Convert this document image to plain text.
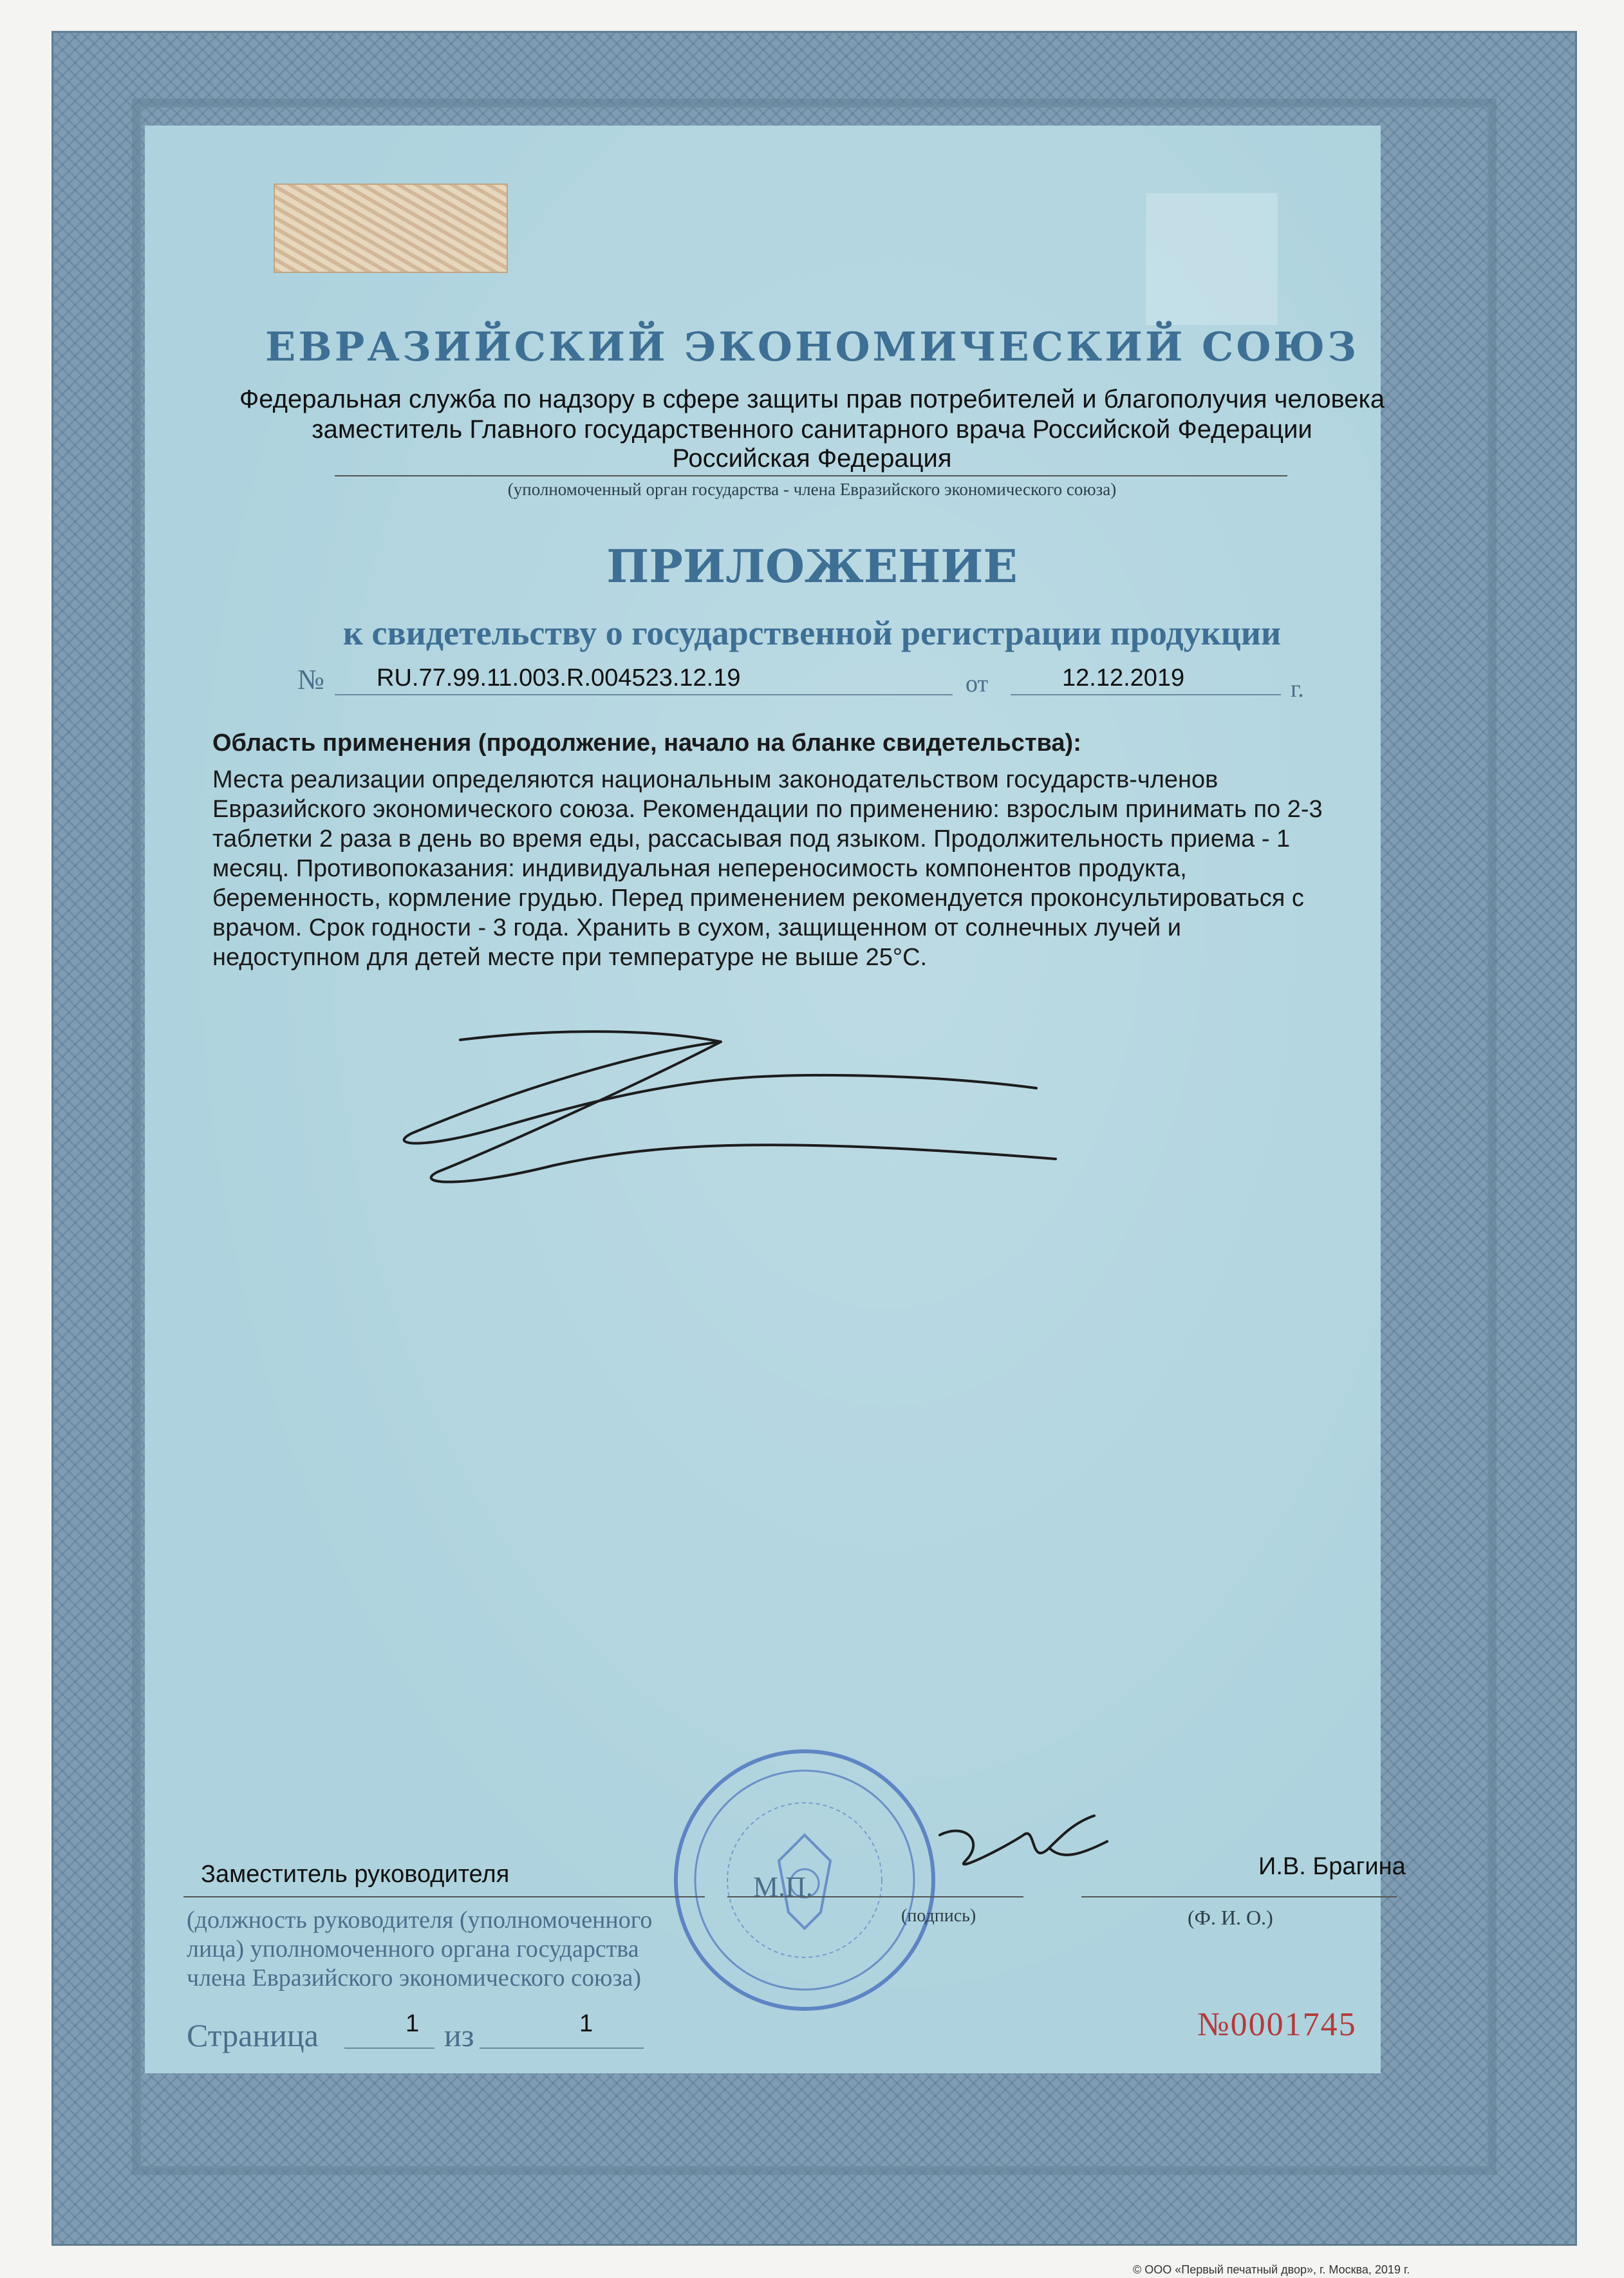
ЕВРАЗИЙСКИЙ ЭКОНОМИЧЕСКИЙ СОЮЗ
Федеральная служба по надзору в сфере защиты прав потребителей и благополучия человека
заместитель Главного государственного санитарного врача Российской Федерации
Российская Федерация
(уполномоченный орган государства - члена Евразийского экономического союза)
ПРИЛОЖЕНИЕ
к свидетельству о государственной регистрации продукции
№ RU.77.99.11.003.R.004523.12.19	от	12.12.2019	г.
Область применения (продолжение, начало на бланке свидетельства):
Места реализации определяются национальным законодательством государств-членов
Евразийского экономического союза. Рекомендации по применению: взрослым принимать по 2-3
таблетки 2 раза в день во время еды, рассасывая под языком. Продолжительность приема - 1
месяц. Противопоказания: индивидуальная непереносимость компонентов продукта,
беременность, кормление грудью. Перед применением рекомендуется проконсультироваться с
врачом. Срок годности - 3 года. Хранить в сухом, защищенном от солнечных лучей и
недоступном для детей месте при температуре не выше 25°C.
Заместитель руководителя	И.В. Брагина
М.П.
(подпись)	(Ф. И. О.)
(должность руководителя (уполномоченного
лица) уполномоченного органа государства
члена Евразийского экономического союза)
Страница	1 из	1	№0001745
© ООО «Первый печатный двор», г. Москва, 2019 г.
